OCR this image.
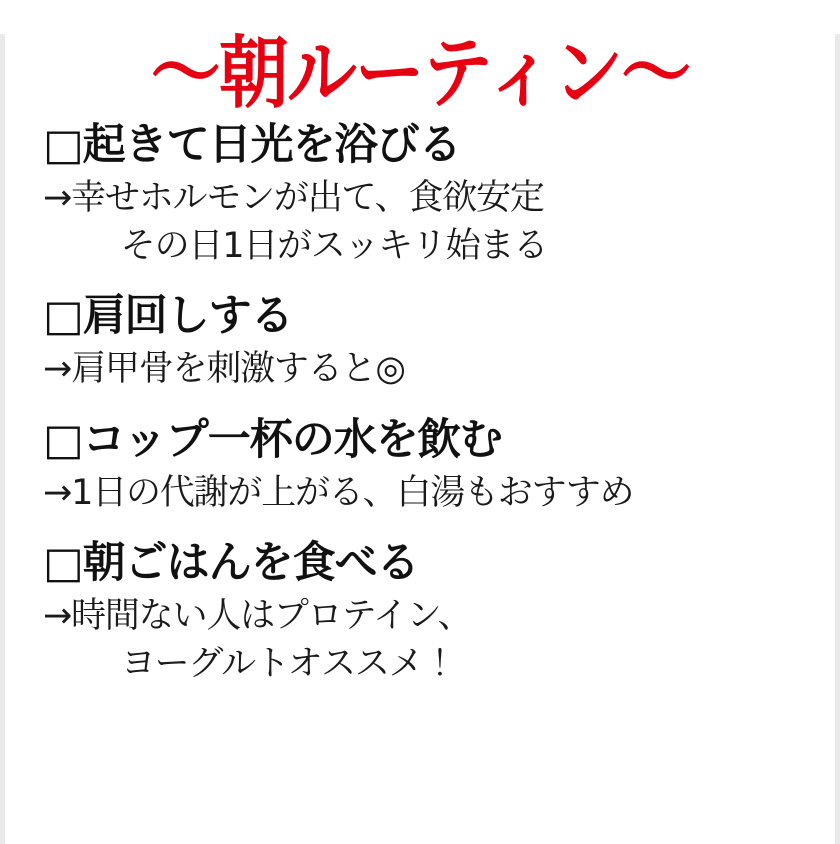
〜朝ルーティン〜
□起きて日光を浴びる
→幸せホルモンが出て、食欲安定
　その日1日がスッキリ始まる
□肩回しする
→肩甲骨を刺激すると◎
□コップ一杯の水を飲む
→1日の代謝が上がる、白湯もおすすめ
□朝ごはんを食べる
→時間ない人はプロテイン、
　ヨーグルトオススメ！
